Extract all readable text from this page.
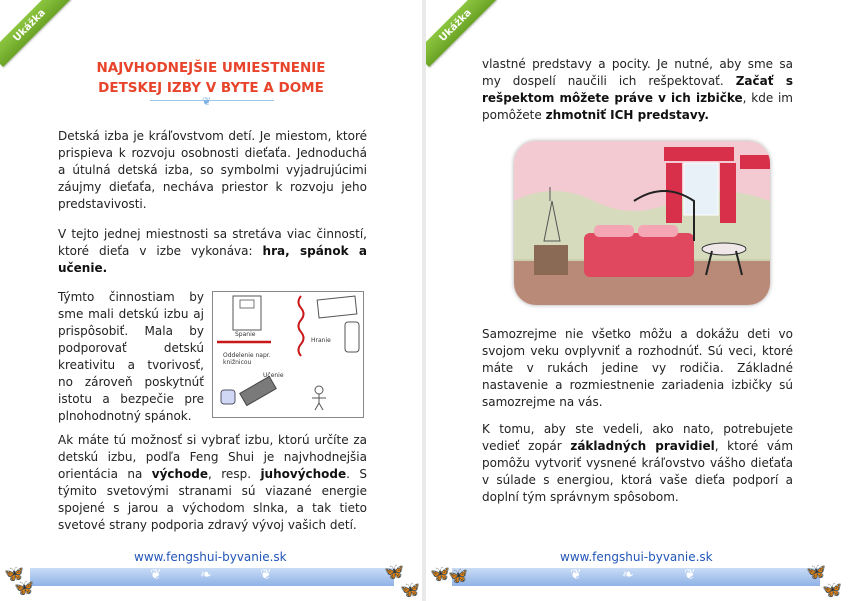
Ukážka
NAJVHODNEJŠIE UMIESTNENIE
DETSKEJ IZBY V BYTE A DOME
❦

Detská izba je kráľovstvom detí. Je miestom, ktoré prispieva k rozvoju osobnosti dieťaťa. Jednoduchá a útulná detská izba, so symbolmi vyjadrujúcimi záujmy dieťaťa, necháva priestor k rozvoju jeho predstavivosti.

V tejto jednej miestnosti sa stretáva viac činností, ktoré dieťa v izbe vykonáva: hra, spánok a učenie.

Týmto činnostiam by sme mali detskú izbu aj prispôsobiť. Mala by podporovať detskú kreativitu a tvorivosť, no zároveň poskytnúť istotu a bezpečie pre plnohodnotný spánok.

Spanie
Hranie
Oddelenie napr.
knižnicou
Učenie

Ak máte tú možnosť si vybrať izbu, ktorú určíte za detskú izbu, podľa Feng Shui je najvhodnejšia orientácia na východe, resp. juhovýchode. S týmito svetovými stranami sú viazané energie spojené s jarou a východom slnka, a tak tieto svetové strany podporia zdravý vývoj vašich detí.

www.fengshui-byvanie.sk
❦	❧	❦
🦋
🦋
🦋
🦋
Ukážka

vlastné predstavy a pocity. Je nutné, aby sme sa my dospelí naučili ich rešpektovať. Začať s rešpektom môžete práve v ich izbičke, kde im pomôžete zhmotniť ICH predstavy.

Samozrejme nie všetko môžu a dokážu deti vo svojom veku ovplyvniť a rozhodnúť. Sú veci, ktoré máte v rukách jedine vy rodičia. Základné nastavenie a rozmiestnenie zariadenia izbičky sú samozrejme na vás.

K tomu, aby ste vedeli, ako nato, potrebujete vedieť zopár základných pravidiel, ktoré vám pomôžu vytvoriť vysnené kráľovstvo vášho dieťaťa v súlade s energiou, ktorá vaše dieťa podporí a doplní tým správnym spôsobom.

www.fengshui-byvanie.sk
❦	❧	❦
🦋
🦋	🦋
🦋
